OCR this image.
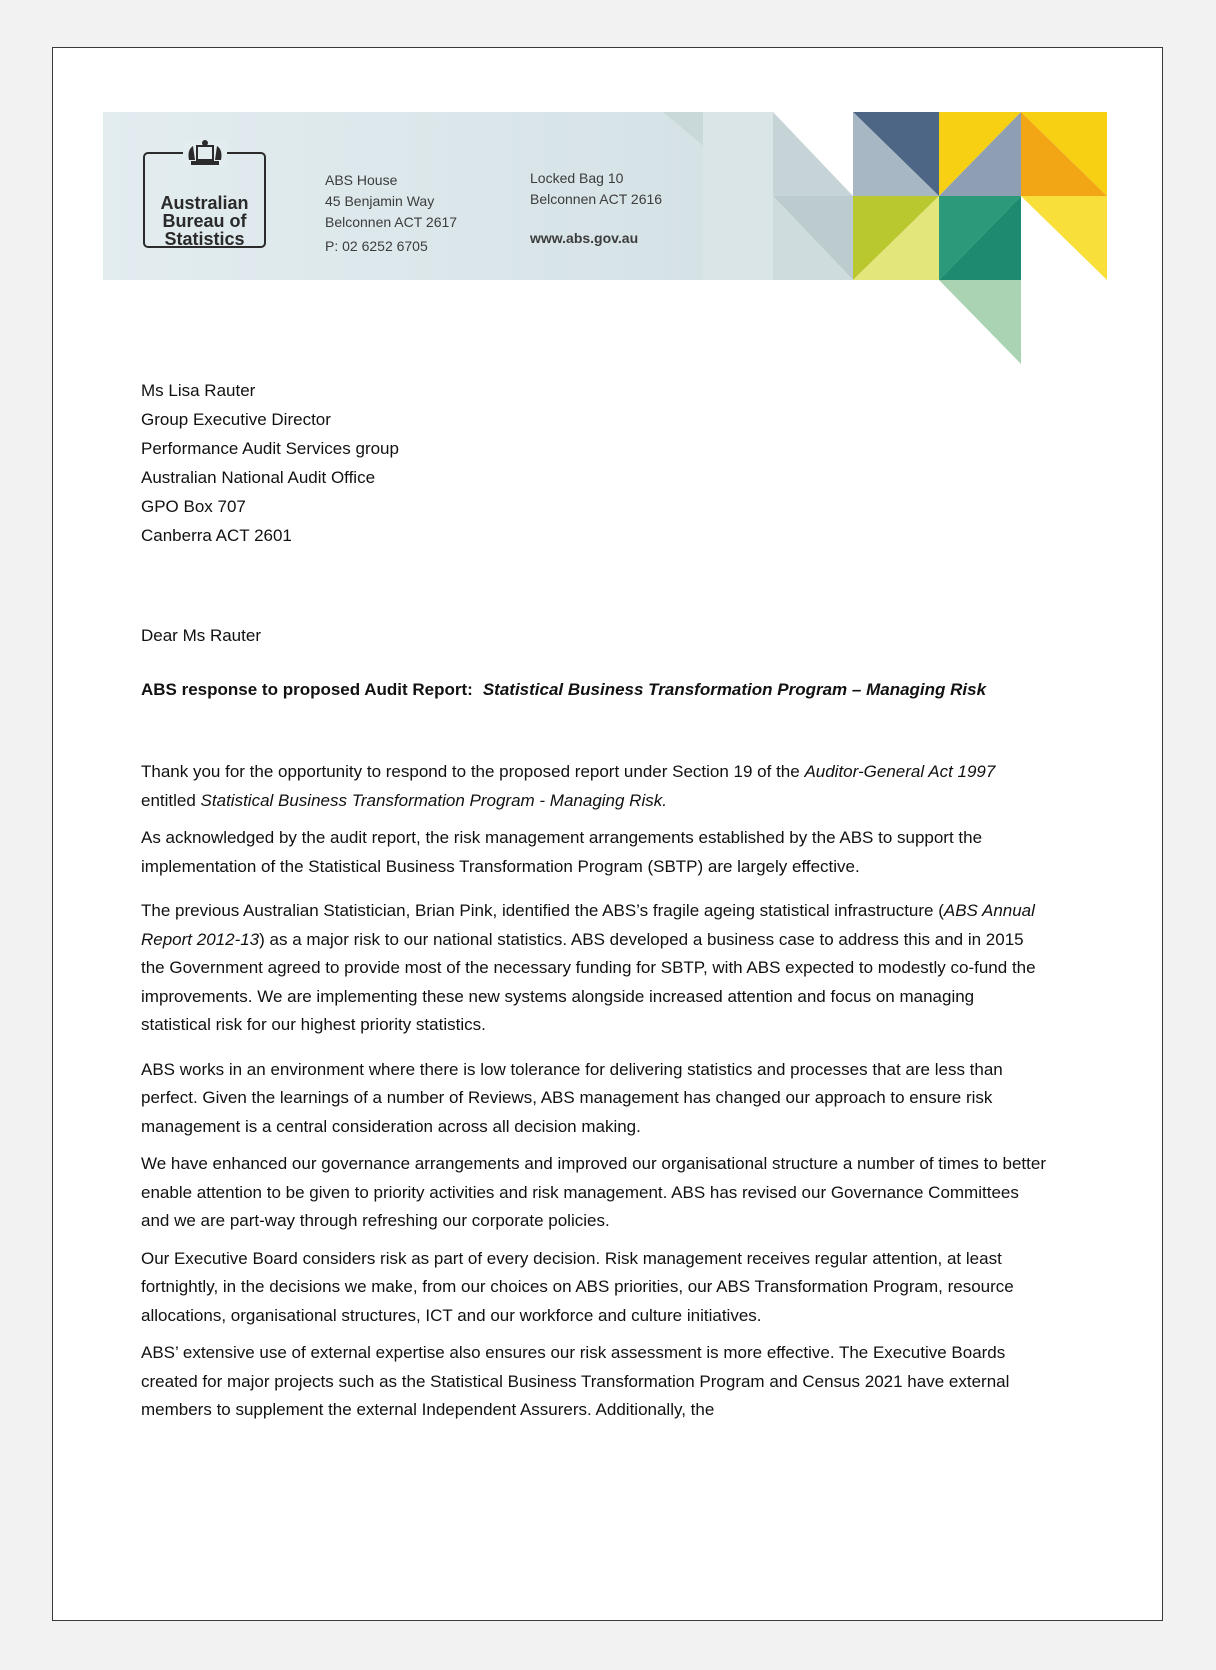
Australian
Bureau of
Statistics
ABS House
45 Benjamin Way
Belconnen ACT 2617
P: 02 6252 6705
Locked Bag 10
Belconnen ACT 2616
www.abs.gov.au
Ms Lisa Rauter
Group Executive Director
Performance Audit Services group
Australian National Audit Office
GPO Box 707
Canberra ACT 2601
Dear Ms Rauter
ABS response to proposed Audit Report: Statistical Business Transformation Program – Managing Risk

Thank you for the opportunity to respond to the proposed report under Section 19 of the Auditor-General Act 1997 entitled Statistical Business Transformation Program - Managing Risk.

As acknowledged by the audit report, the risk management arrangements established by the ABS to support the implementation of the Statistical Business Transformation Program (SBTP) are largely effective.

The previous Australian Statistician, Brian Pink, identified the ABS’s fragile ageing statistical infrastructure (ABS Annual Report 2012-13) as a major risk to our national statistics. ABS developed a business case to address this and in 2015 the Government agreed to provide most of the necessary funding for SBTP, with ABS expected to modestly co-fund the improvements. We are implementing these new systems alongside increased attention and focus on managing statistical risk for our highest priority statistics.

ABS works in an environment where there is low tolerance for delivering statistics and processes that are less than perfect. Given the learnings of a number of Reviews, ABS management has changed our approach to ensure risk management is a central consideration across all decision making.

We have enhanced our governance arrangements and improved our organisational structure a number of times to better enable attention to be given to priority activities and risk management. ABS has revised our Governance Committees and we are part-way through refreshing our corporate policies.

Our Executive Board considers risk as part of every decision. Risk management receives regular attention, at least fortnightly, in the decisions we make, from our choices on ABS priorities, our ABS Transformation Program, resource allocations, organisational structures, ICT and our workforce and culture initiatives.

ABS’ extensive use of external expertise also ensures our risk assessment is more effective. The Executive Boards created for major projects such as the Statistical Business Transformation Program and Census 2021 have external members to supplement the external Independent Assurers. Additionally, the
